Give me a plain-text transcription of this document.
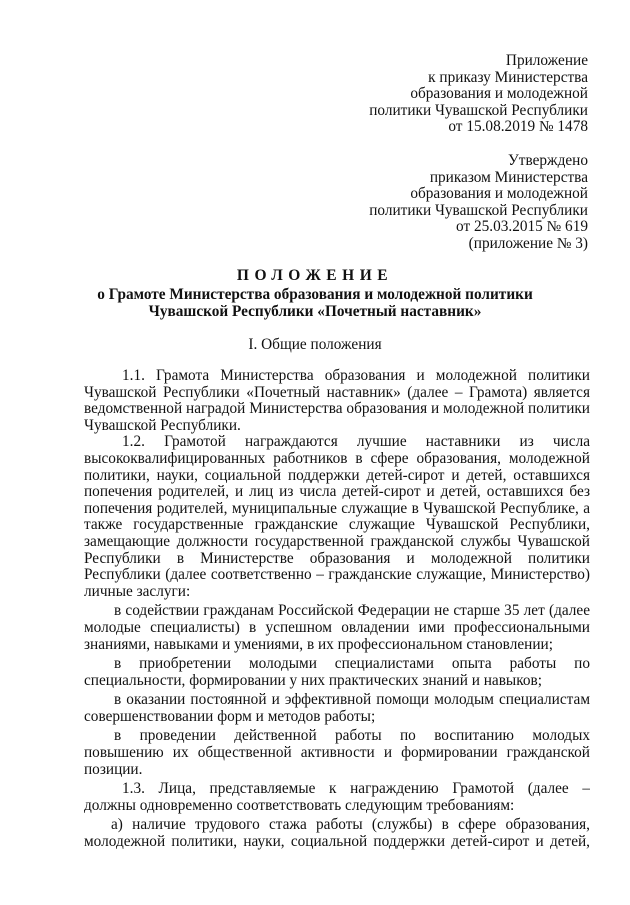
Приложение
к приказу Министерства
образования и молодежной
политики Чувашской Республики
от 15.08.2019 № 1478
Утверждено
приказом Министерства
образования и молодежной
политики Чувашской Республики
от 25.03.2015 № 619
(приложение № 3)
ПОЛОЖЕНИЕ
о Грамоте Министерства образования и молодежной политики
Чувашской Республики «Почетный наставник»
I. Общие положения
1.1. Грамота Министерства образования и молодежной политики
Чувашской Республики «Почетный наставник» (далее – Грамота) является
ведомственной наградой Министерства образования и молодежной политики
Чувашской Республики.
1.2. Грамотой награждаются лучшие наставники из числа
высококвалифицированных работников в сфере образования, молодежной
политики, науки, социальной поддержки детей-сирот и детей, оставшихся
попечения родителей, и лиц из числа детей-сирот и детей, оставшихся без
попечения родителей, муниципальные служащие в Чувашской Республике, а
также государственные гражданские служащие Чувашской Республики,
замещающие должности государственной гражданской службы Чувашской
Республики в Министерстве образования и молодежной политики
Республики (далее соответственно – гражданские служащие, Министерство)
личные заслуги:
в содействии гражданам Российской Федерации не старше 35 лет (далее
молодые специалисты) в успешном овладении ими профессиональными
знаниями, навыками и умениями, в их профессиональном становлении;
в приобретении молодыми специалистами опыта работы по
специальности, формировании у них практических знаний и навыков;
в оказании постоянной и эффективной помощи молодым специалистам
совершенствовании форм и методов работы;
в проведении действенной работы по воспитанию молодых
повышению их общественной активности и формировании гражданской
позиции.
1.3. Лица, представляемые к награждению Грамотой (далее –
должны одновременно соответствовать следующим требованиям:
а) наличие трудового стажа работы (службы) в сфере образования,
молодежной политики, науки, социальной поддержки детей-сирот и детей,
